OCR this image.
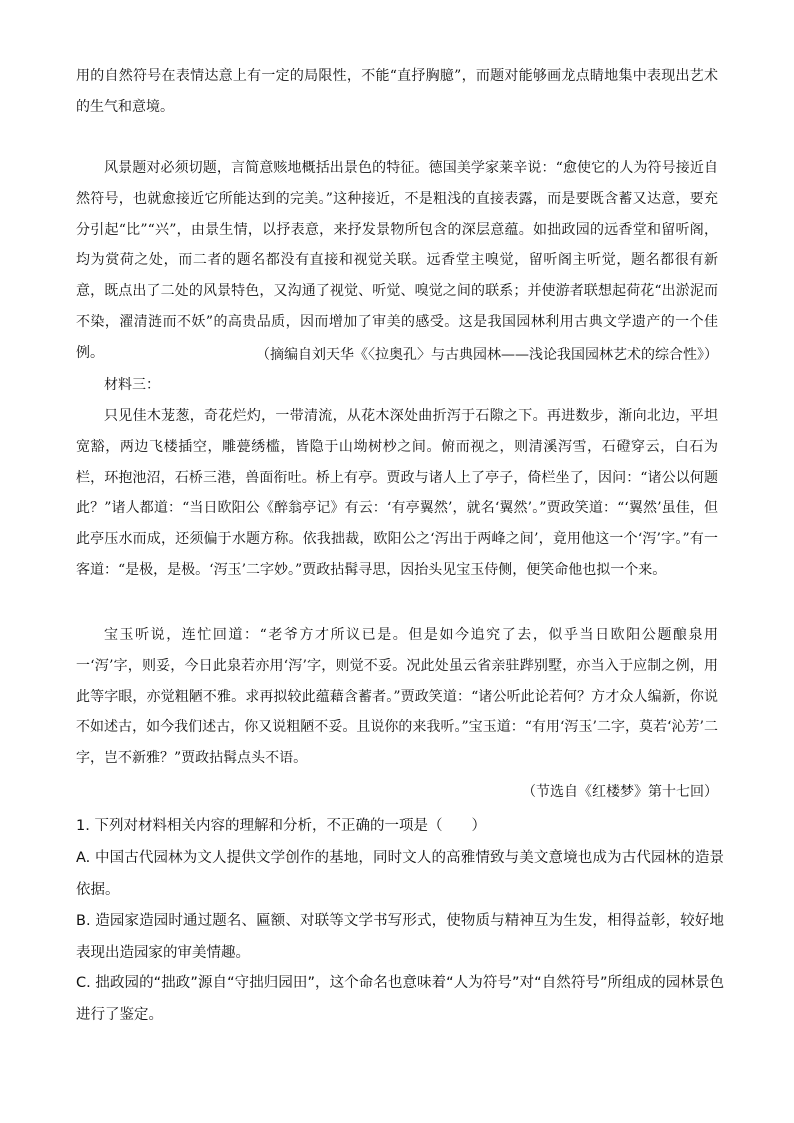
用的自然符号在表情达意上有一定的局限性，不能“直抒胸臆”，而题对能够画龙点睛地集中表现出艺术的生气和意境。

风景题对必须切题，言简意赅地概括出景色的特征。德国美学家莱辛说：“愈使它的人为符号接近自然符号，也就愈接近它所能达到的完美。”这种接近，不是粗浅的直接表露，而是要既含蓄又达意，要充分引起“比”“兴”，由景生情，以抒表意，来抒发景物所包含的深层意蕴。如拙政园的远香堂和留听阁，均为赏荷之处，而二者的题名都没有直接和视觉关联。远香堂主嗅觉，留听阁主听觉，题名都很有新意，既点出了二处的风景特色，又沟通了视觉、听觉、嗅觉之间的联系；并使游者联想起荷花“出淤泥而不染，濯清涟而不妖”的高贵品质，因而增加了审美的感受。这是我国园林利用古典文学遗产的一个佳例。	（摘编自刘天华《〈拉奥孔〉与古典园林——浅论我国园林艺术的综合性》）

材料三：

只见佳木茏葱，奇花烂灼，一带清流，从花木深处曲折泻于石隙之下。再进数步，渐向北边，平坦宽豁，两边飞楼插空，雕甍绣槛，皆隐于山坳树杪之间。俯而视之，则清溪泻雪，石磴穿云，白石为栏，环抱池沼，石桥三港，兽面衔吐。桥上有亭。贾政与诸人上了亭子，倚栏坐了，因问：“诸公以何题此？”诸人都道：“当日欧阳公《醉翁亭记》有云：‘有亭翼然’，就名‘翼然’。”贾政笑道：“‘翼然’虽佳，但此亭压水而成，还须偏于水题方称。依我拙裁，欧阳公之‘泻出于两峰之间’，竟用他这一个‘泻’字。”有一客道：“是极，是极。‘泻玉’二字妙。”贾政拈髯寻思，因抬头见宝玉侍侧，便笑命他也拟一个来。

宝玉听说，连忙回道：“老爷方才所议已是。但是如今追究了去，似乎当日欧阳公题酿泉用一‘泻’字，则妥，今日此泉若亦用‘泻’字，则觉不妥。况此处虽云省亲驻跸别墅，亦当入于应制之例，用此等字眼，亦觉粗陋不雅。求再拟较此蕴藉含蓄者。”贾政笑道：“诸公听此论若何？方才众人编新，你说不如述古，如今我们述古，你又说粗陋不妥。且说你的来我听。”宝玉道：“有用‘泻玉’二字，莫若‘沁芳’二字，岂不新雅？”贾政拈髯点头不语。

（节选自《红楼梦》第十七回）

1. 下列对材料相关内容的理解和分析，不正确的一项是（　　）

A. 中国古代园林为文人提供文学创作的基地，同时文人的高雅情致与美文意境也成为古代园林的造景依据。

B. 造园家造园时通过题名、匾额、对联等文学书写形式，使物质与精神互为生发，相得益彰，较好地表现出造园家的审美情趣。

C. 拙政园的“拙政”源自“守拙归园田”，这个命名也意味着“人为符号”对“自然符号”所组成的园林景色进行了鉴定。
